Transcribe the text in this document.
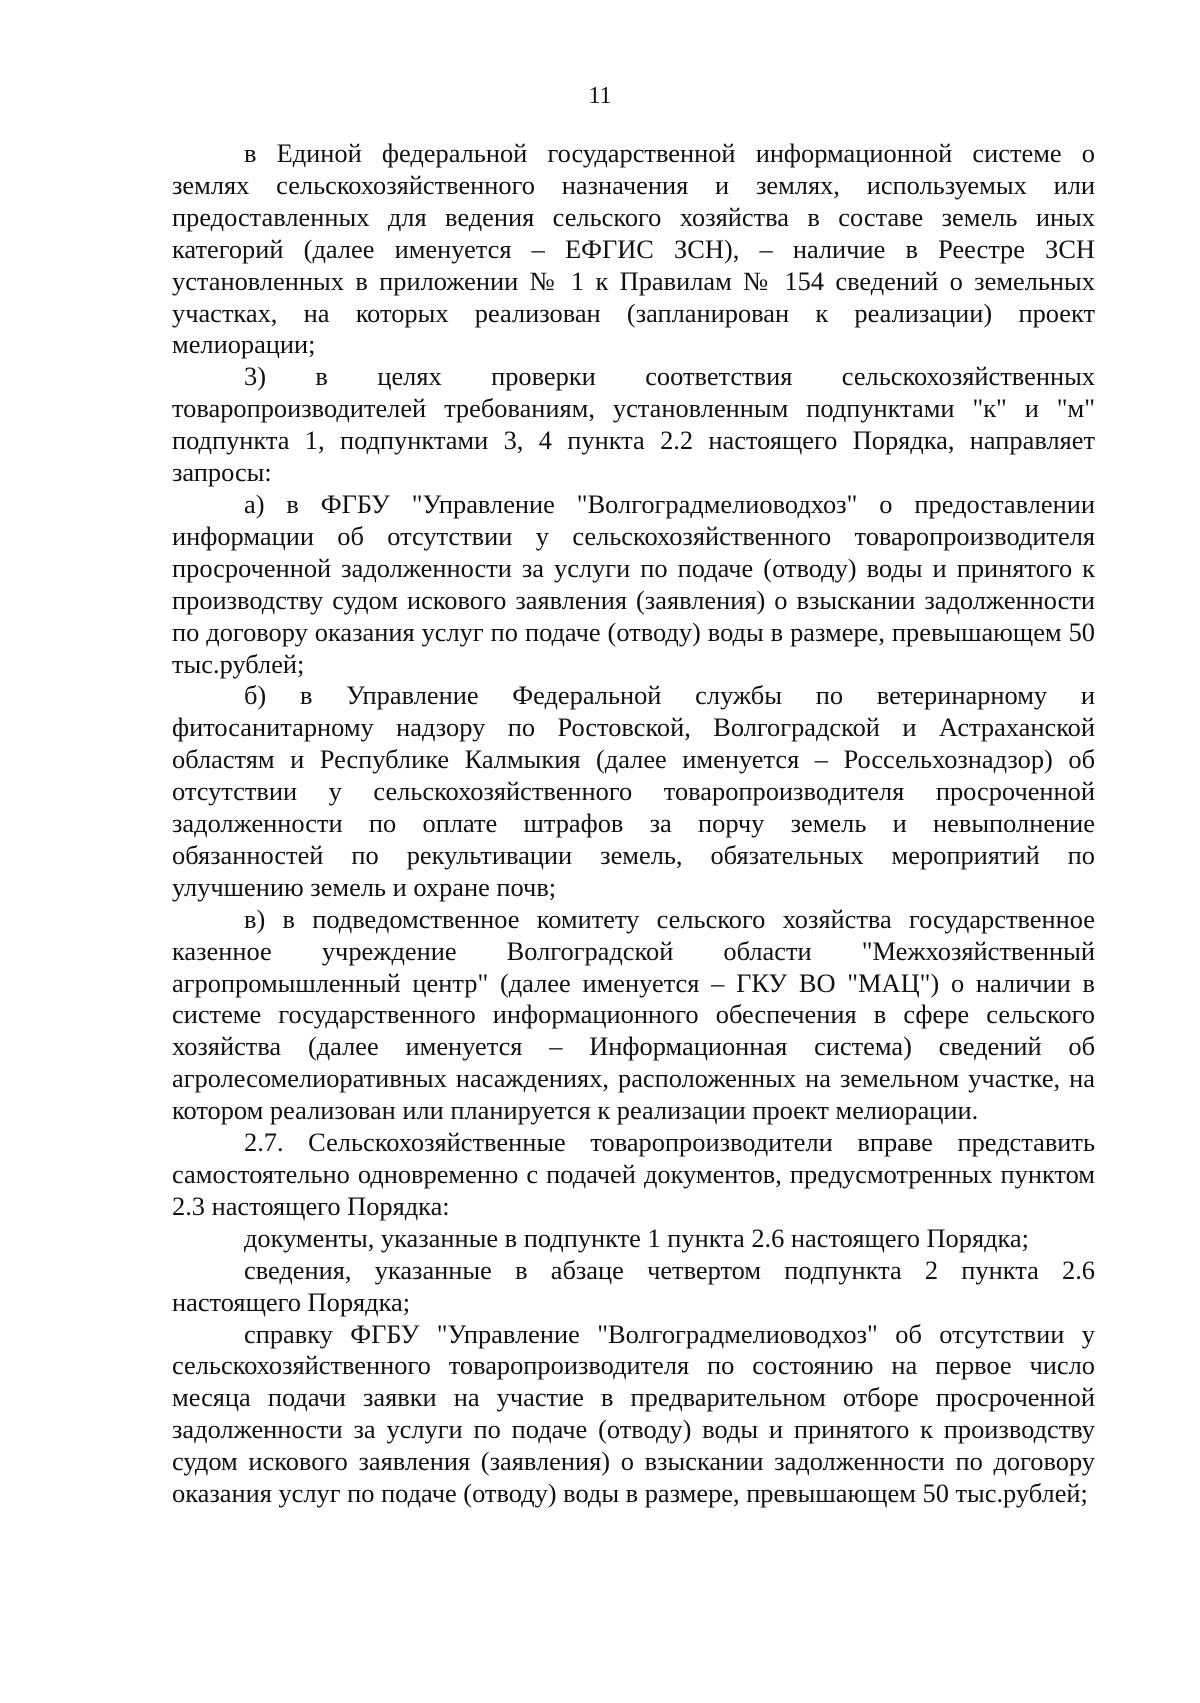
11

в Единой федеральной государственной информационной системе о землях сельскохозяйственного назначения и землях, используемых или предоставленных для ведения сельского хозяйства в составе земель иных категорий (далее именуется – ЕФГИС ЗСН), – наличие в Реестре ЗСН установленных в приложении № 1 к Правилам № 154 сведений о земельных участках, на которых реализован (запланирован к реализации) проект мелиорации;

3) в целях проверки соответствия сельскохозяйственных товаропроизводителей требованиям, установленным подпунктами "к" и "м" подпункта 1, подпунктами 3, 4 пункта 2.2 настоящего Порядка, направляет запросы:

а) в ФГБУ "Управление "Волгоградмелиоводхоз" о предоставлении информации об отсутствии у сельскохозяйственного товаропроизводителя просроченной задолженности за услуги по подаче (отводу) воды и принятого к производству судом искового заявления (заявления) о взыскании задолженности по договору оказания услуг по подаче (отводу) воды в размере, превышающем 50 тыс.рублей;

б) в Управление Федеральной службы по ветеринарному и фитосанитарному надзору по Ростовской, Волгоградской и Астраханской областям и Республике Калмыкия (далее именуется – Россельхознадзор) об отсутствии у сельскохозяйственного товаропроизводителя просроченной задолженности по оплате штрафов за порчу земель и невыполнение обязанностей по рекультивации земель, обязательных мероприятий по улучшению земель и охране почв;

в) в подведомственное комитету сельского хозяйства государственное казенное учреждение Волгоградской области "Межхозяйственный агропромышленный центр" (далее именуется – ГКУ ВО "МАЦ") о наличии в системе государственного информационного обеспечения в сфере сельского хозяйства (далее именуется – Информационная система) сведений об агролесомелиоративных насаждениях, расположенных на земельном участке, на котором реализован или планируется к реализации проект мелиорации.

2.7. Сельскохозяйственные товаропроизводители вправе представить самостоятельно одновременно с подачей документов, предусмотренных пунктом 2.3 настоящего Порядка:

документы, указанные в подпункте 1 пункта 2.6 настоящего Порядка;

сведения, указанные в абзаце четвертом подпункта 2 пункта 2.6 настоящего Порядка;

справку ФГБУ "Управление "Волгоградмелиоводхоз" об отсутствии у сельскохозяйственного товаропроизводителя по состоянию на первое число месяца подачи заявки на участие в предварительном отборе просроченной задолженности за услуги по подаче (отводу) воды и принятого к производству судом искового заявления (заявления) о взыскании задолженности по договору оказания услуг по подаче (отводу) воды в размере, превышающем 50 тыс.рублей;
